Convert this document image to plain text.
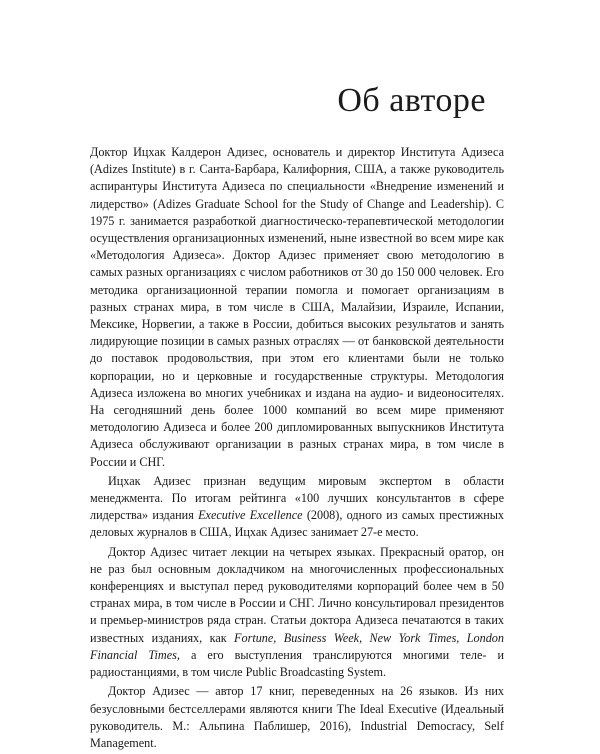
Об авторе

Доктор Ицхак Калдерон Адизес, основатель и директор Института Адизеса (Adizes Institute) в г. Санта-Барбара, Калифорния, США, а также руководитель аспирантуры Института Адизеса по специальности «Внедрение изменений и лидерство» (Adizes Graduate School for the Study of Change and Leadership). С 1975 г. занимается разработкой диагностическо-терапевтической методологии осуществления организационных изменений, ныне известной во всем мире как «Методология Адизеса». Доктор Адизес применяет свою методологию в самых разных организациях с числом работников от 30 до 150 000 человек. Его методика организационной терапии помогла и помогает организациям в разных странах мира, в том числе в США, Малайзии, Израиле, Испании, Мексике, Норвегии, а также в России, добиться высоких результатов и занять лидирующие позиции в самых разных отраслях — от банковской деятельности до поставок продовольствия, при этом его клиентами были не только корпорации, но и церковные и государственные структуры. Методология Адизеса изложена во многих учебниках и издана на аудио- и видеоносителях. На сегодняшний день более 1000 компаний во всем мире применяют методологию Адизеса и более 200 дипломированных выпускников Института Адизеса обслуживают организации в разных странах мира, в том числе в России и СНГ.

Ицхак Адизес признан ведущим мировым экспертом в области менеджмента. По итогам рейтинга «100 лучших консультантов в сфере лидерства» издания Executive Excellence (2008), одного из самых престижных деловых журналов в США, Ицхак Адизес занимает 27-е место.

Доктор Адизес читает лекции на четырех языках. Прекрасный оратор, он не раз был основным докладчиком на многочисленных профессиональных конференциях и выступал перед руководителями корпораций более чем в 50 странах мира, в том числе в России и СНГ. Лично консультировал президентов и премьер-министров ряда стран. Статьи доктора Адизеса печатаются в таких известных изданиях, как Fortune, Business Week, New York Times, London Financial Times, а его выступления транслируются многими теле- и радиостанциями, в том числе Public Broadcasting System.

Доктор Адизес — автор 17 книг, переведенных на 26 языков. Из них безусловными бестселлерами являются книги The Ideal Executive (Идеальный руководитель. М.: Альпина Паблишер, 2016), Industrial Democracy, Self Management.
